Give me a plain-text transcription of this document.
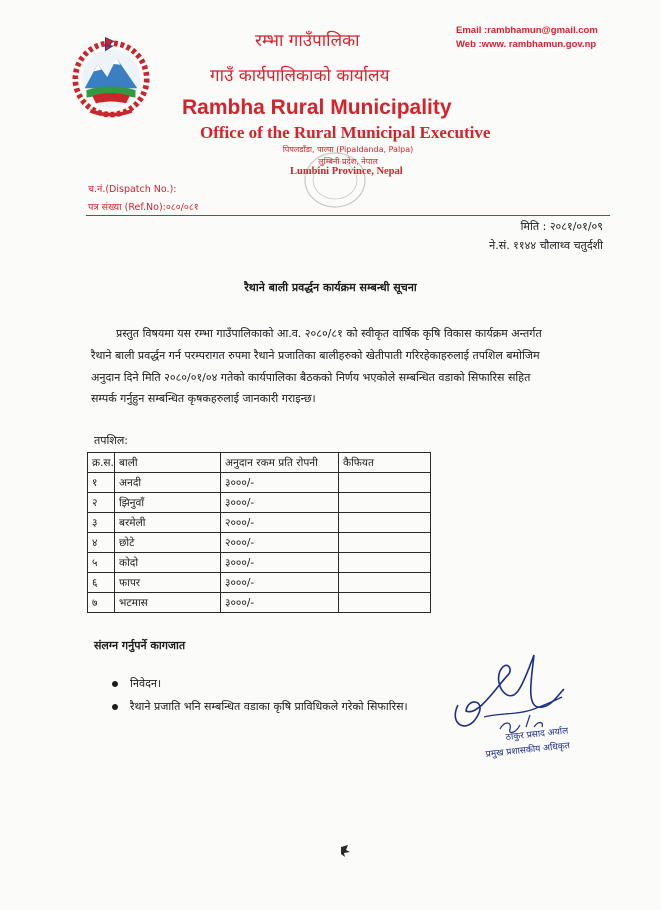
Email :rambhamun@gmail.com
Web :www. rambhamun.gov.np
रम्भा गाउँपालिका
गाउँ कार्यपालिकाको कार्यालय
Rambha Rural Municipality
Office of the Rural Municipal Executive
पिपलडाँडा, पाल्पा (Pipaldanda, Palpa)
लुम्बिनी प्रदेश, नेपाल
Lumbini Province, Nepal
च.नं.(Dispatch No.):
पत्र संख्या (Ref.No):०८०/०८१
मिति : २०८१/०१/०९
ने.सं. ११४४ चौलाथ्व चतुर्दशी
रैथाने बाली प्रवर्द्धन कार्यक्रम सम्बन्धी सूचना
प्रस्तुत विषयमा यस रम्भा गाउँपालिकाको आ.व. २०८०/८१ को स्वीकृत वार्षिक कृषि विकास कार्यक्रम अन्तर्गत
रैथाने बाली प्रवर्द्धन गर्न परम्परागत रुपमा रैथाने प्रजातिका बालीहरुको खेतीपाती गरिरहेकाहरुलाई तपशिल बमोजिम
अनुदान दिने मिति २०८०/०१/०४ गतेको कार्यपालिका बैठकको निर्णय भएकोले सम्बन्धित वडाको सिफारिस सहित
सम्पर्क गर्नुहुन सम्बन्धित कृषकहरुलाई जानकारी गराइन्छ।
तपशिल:
क्र.स.	बाली	अनुदान रकम प्रति रोपनी	कैफियत
१	अनदी	३०००/-	
२	झिनुवाँ	३०००/-	
३	बरमेली	२०००/-	
४	छोटे	२०००/-	
५	कोदो	३०००/-	
६	फापर	३०००/-	
७	भटमास	३०००/-	
संलग्न गर्नुपर्ने कागजात
निवेदन।
रैथाने प्रजाति भनि सम्बन्धित वडाका कृषि प्राविधिकले गरेको सिफारिस।
ठाकुर प्रसाद अर्याल
प्रमुख प्रशासकीय अधिकृत
